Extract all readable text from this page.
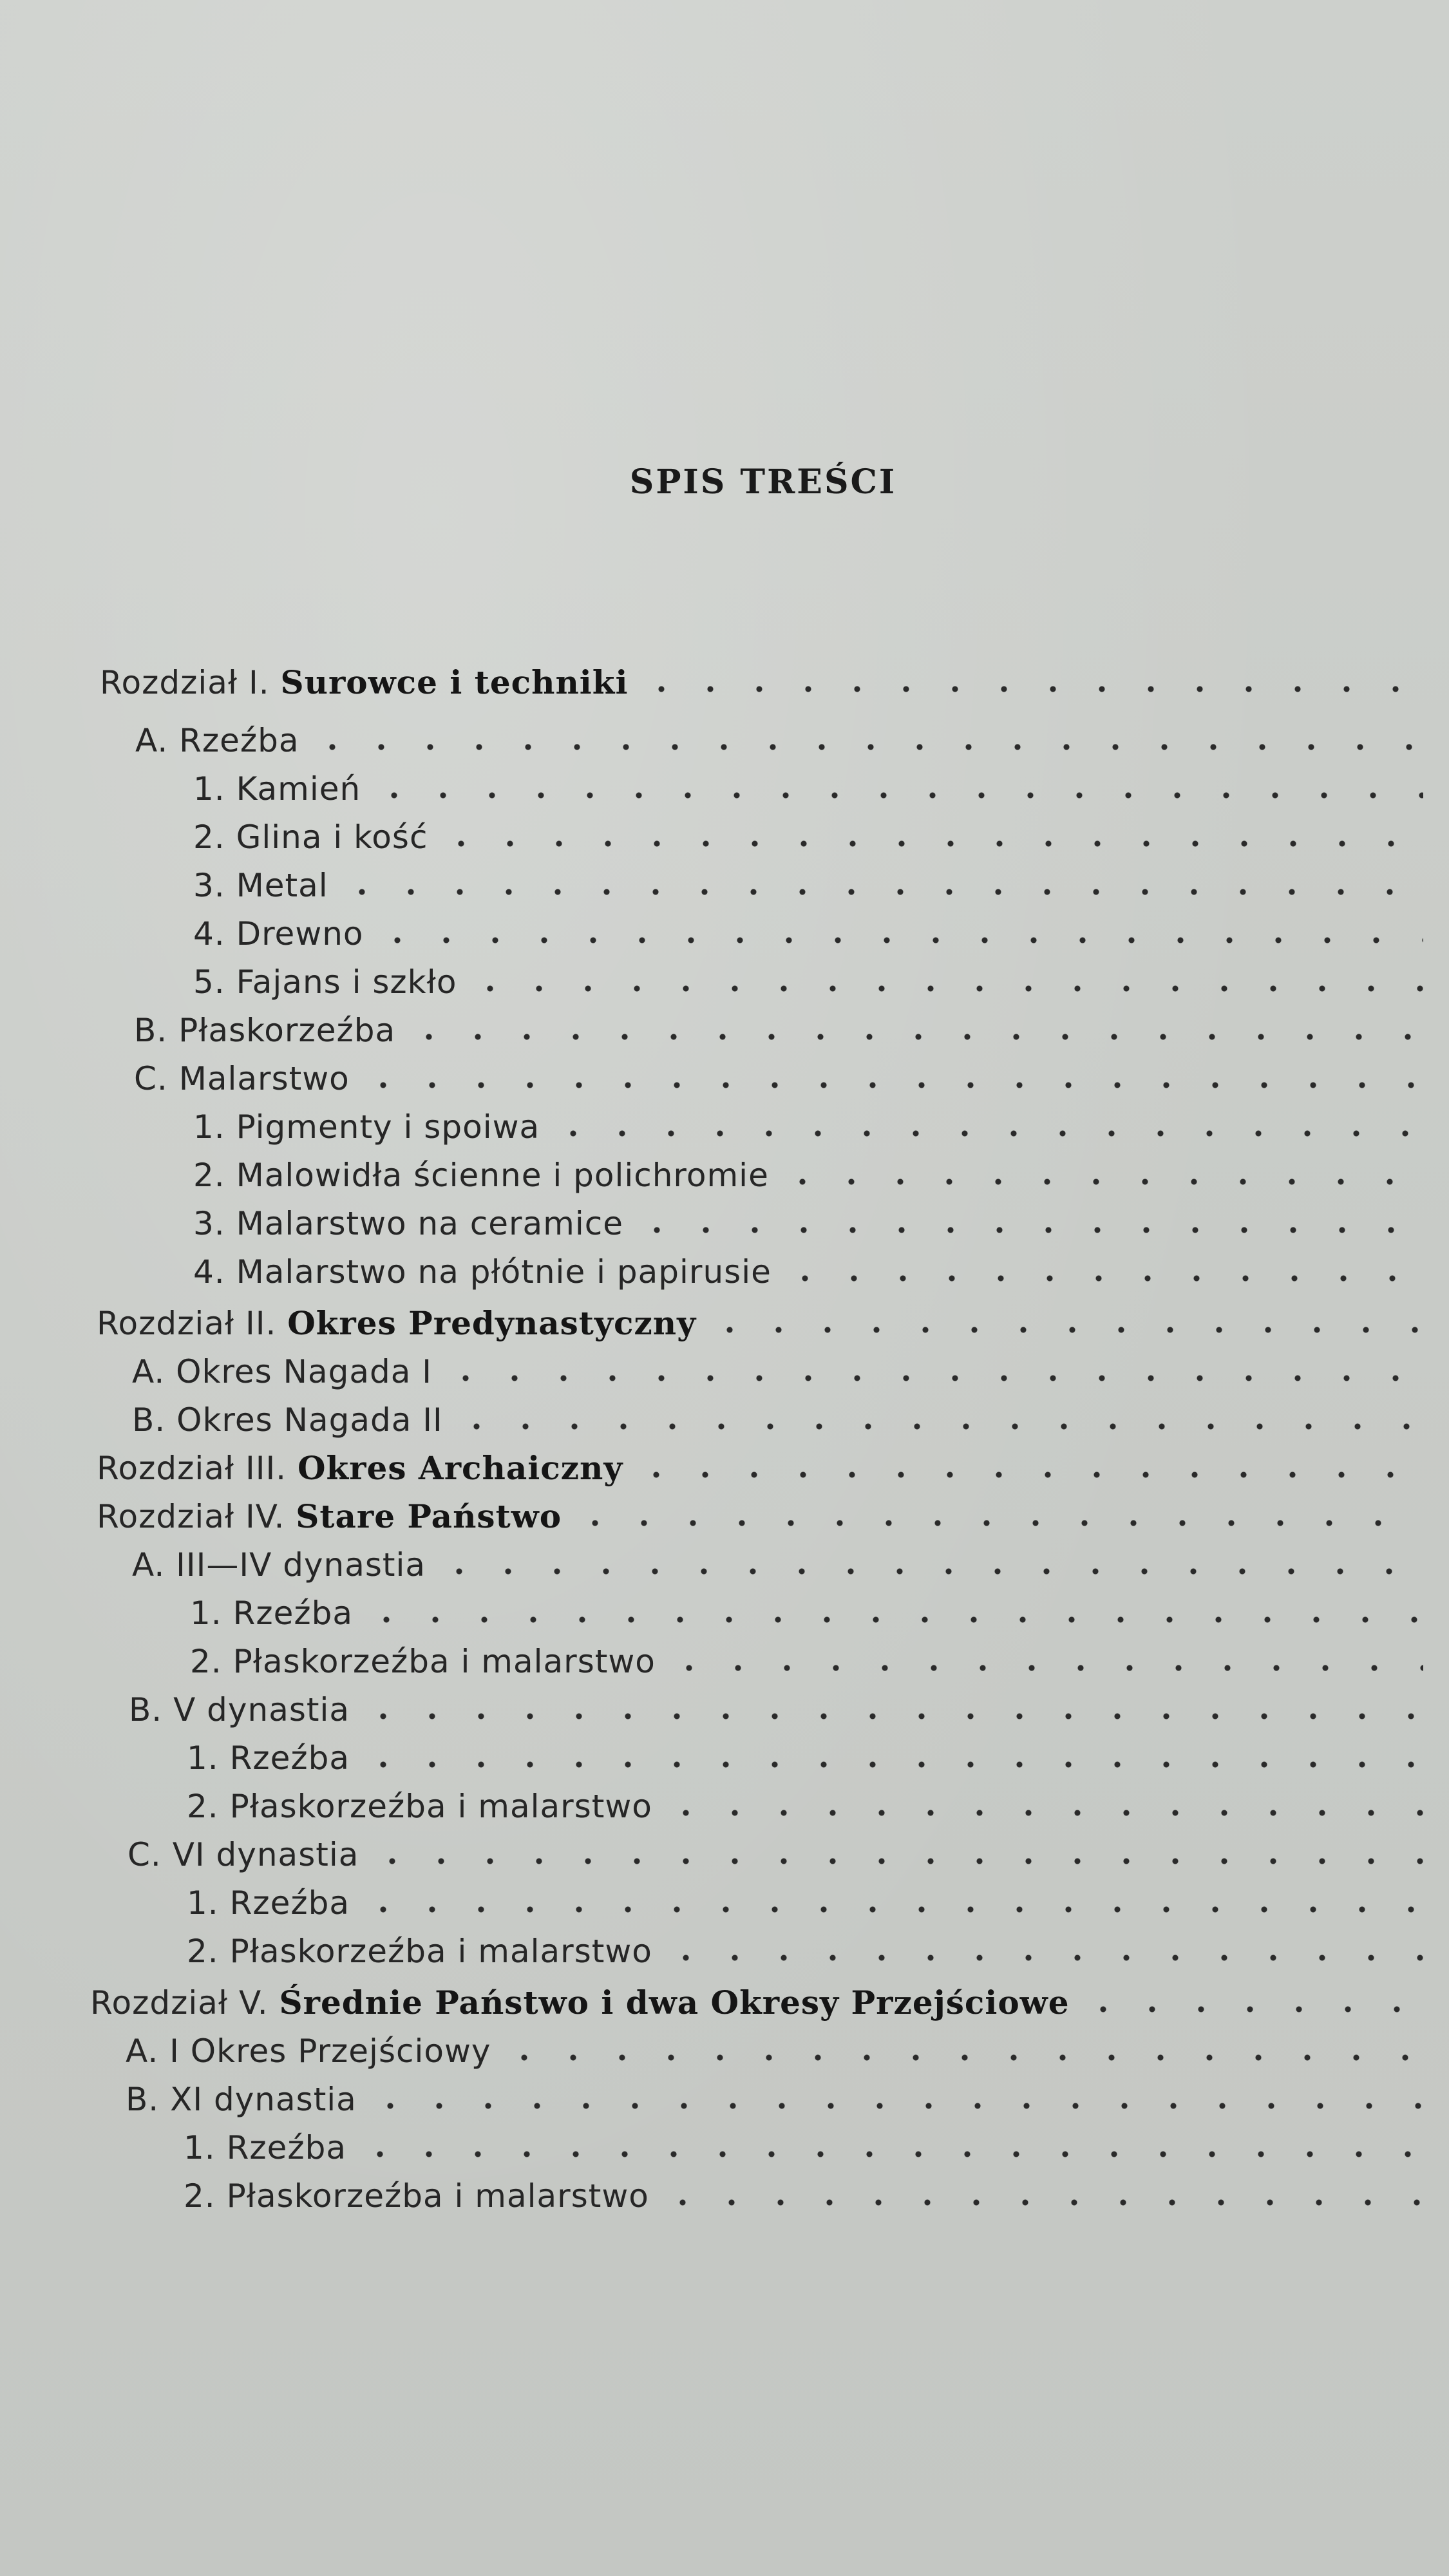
SPIS TREŚCI
Rozdział I. Surowce i techniki
A. Rzeźba
1. Kamień
2. Glina i kość
3. Metal
4. Drewno
5. Fajans i szkło
B. Płaskorzeźba
C. Malarstwo
1. Pigmenty i spoiwa
2. Malowidła ścienne i polichromie
3. Malarstwo na ceramice
4. Malarstwo na płótnie i papirusie
Rozdział II. Okres Predynastyczny
A. Okres Nagada I
B. Okres Nagada II
Rozdział III. Okres Archaiczny
Rozdział IV. Stare Państwo
A. III—IV dynastia
1. Rzeźba
2. Płaskorzeźba i malarstwo
B. V dynastia
1. Rzeźba
2. Płaskorzeźba i malarstwo
C. VI dynastia
1. Rzeźba
2. Płaskorzeźba i malarstwo
Rozdział V. Średnie Państwo i dwa Okresy Przejściowe
A. I Okres Przejściowy
B. XI dynastia
1. Rzeźba
2. Płaskorzeźba i malarstwo
